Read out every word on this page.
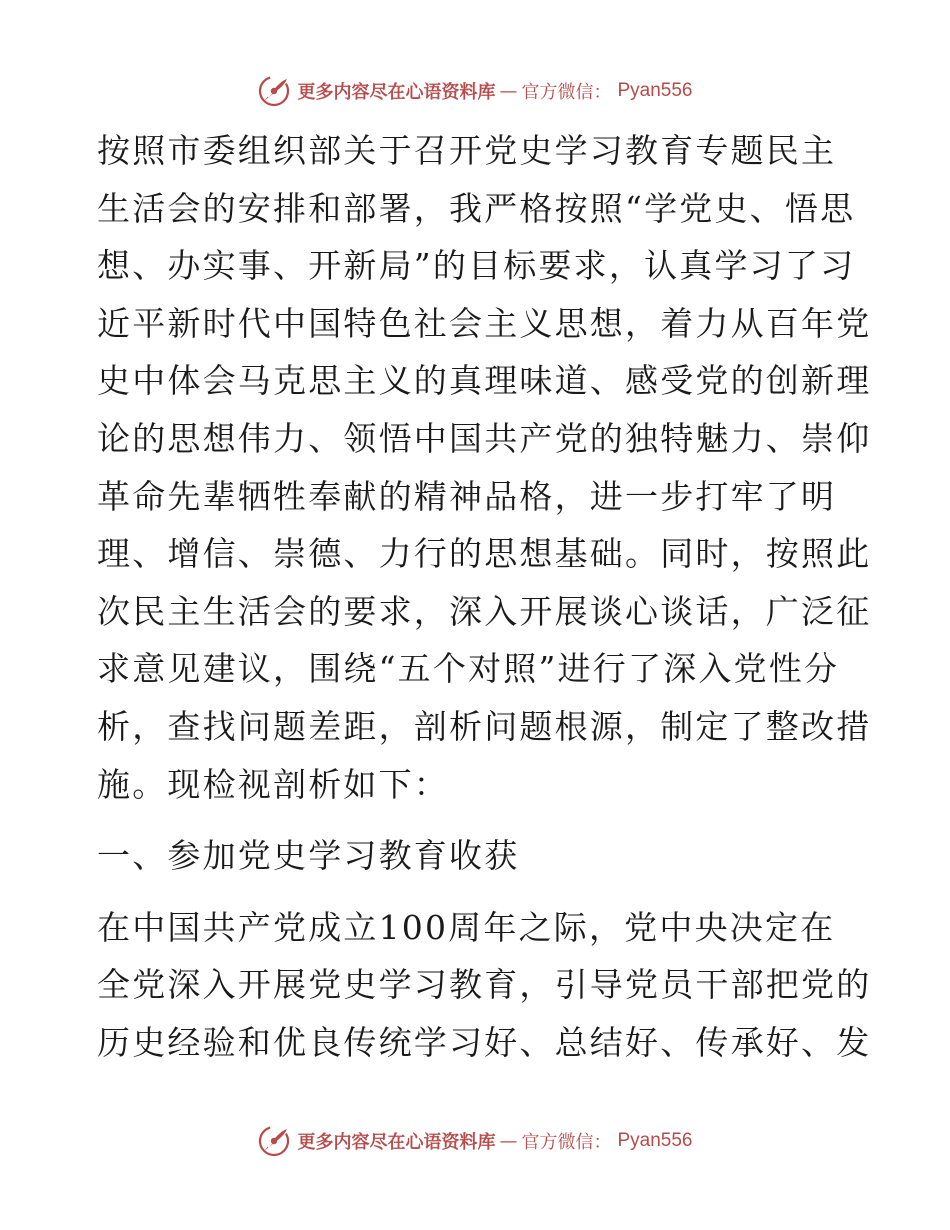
更多内容尽在心语资料库 — 官方微信： Pyan556

按照市委组织部关于召开党史学习教育专题民主
生活会的安排和部署，我严格按照“学党史、悟思
想、办实事、开新局”的目标要求，认真学习了习
近平新时代中国特色社会主义思想，着力从百年党
史中体会马克思主义的真理味道、感受党的创新理
论的思想伟力、领悟中国共产党的独特魅力、崇仰
革命先辈牺牲奉献的精神品格，进一步打牢了明
理、增信、崇德、力行的思想基础。同时，按照此
次民主生活会的要求，深入开展谈心谈话，广泛征
求意见建议，围绕“五个对照”进行了深入党性分
析，查找问题差距，剖析问题根源，制定了整改措
施。现检视剖析如下：

一、参加党史学习教育收获

在中国共产党成立100周年之际，党中央决定在
全党深入开展党史学习教育，引导党员干部把党的
历史经验和优良传统学习好、总结好、传承好、发

更多内容尽在心语资料库 — 官方微信： Pyan556
